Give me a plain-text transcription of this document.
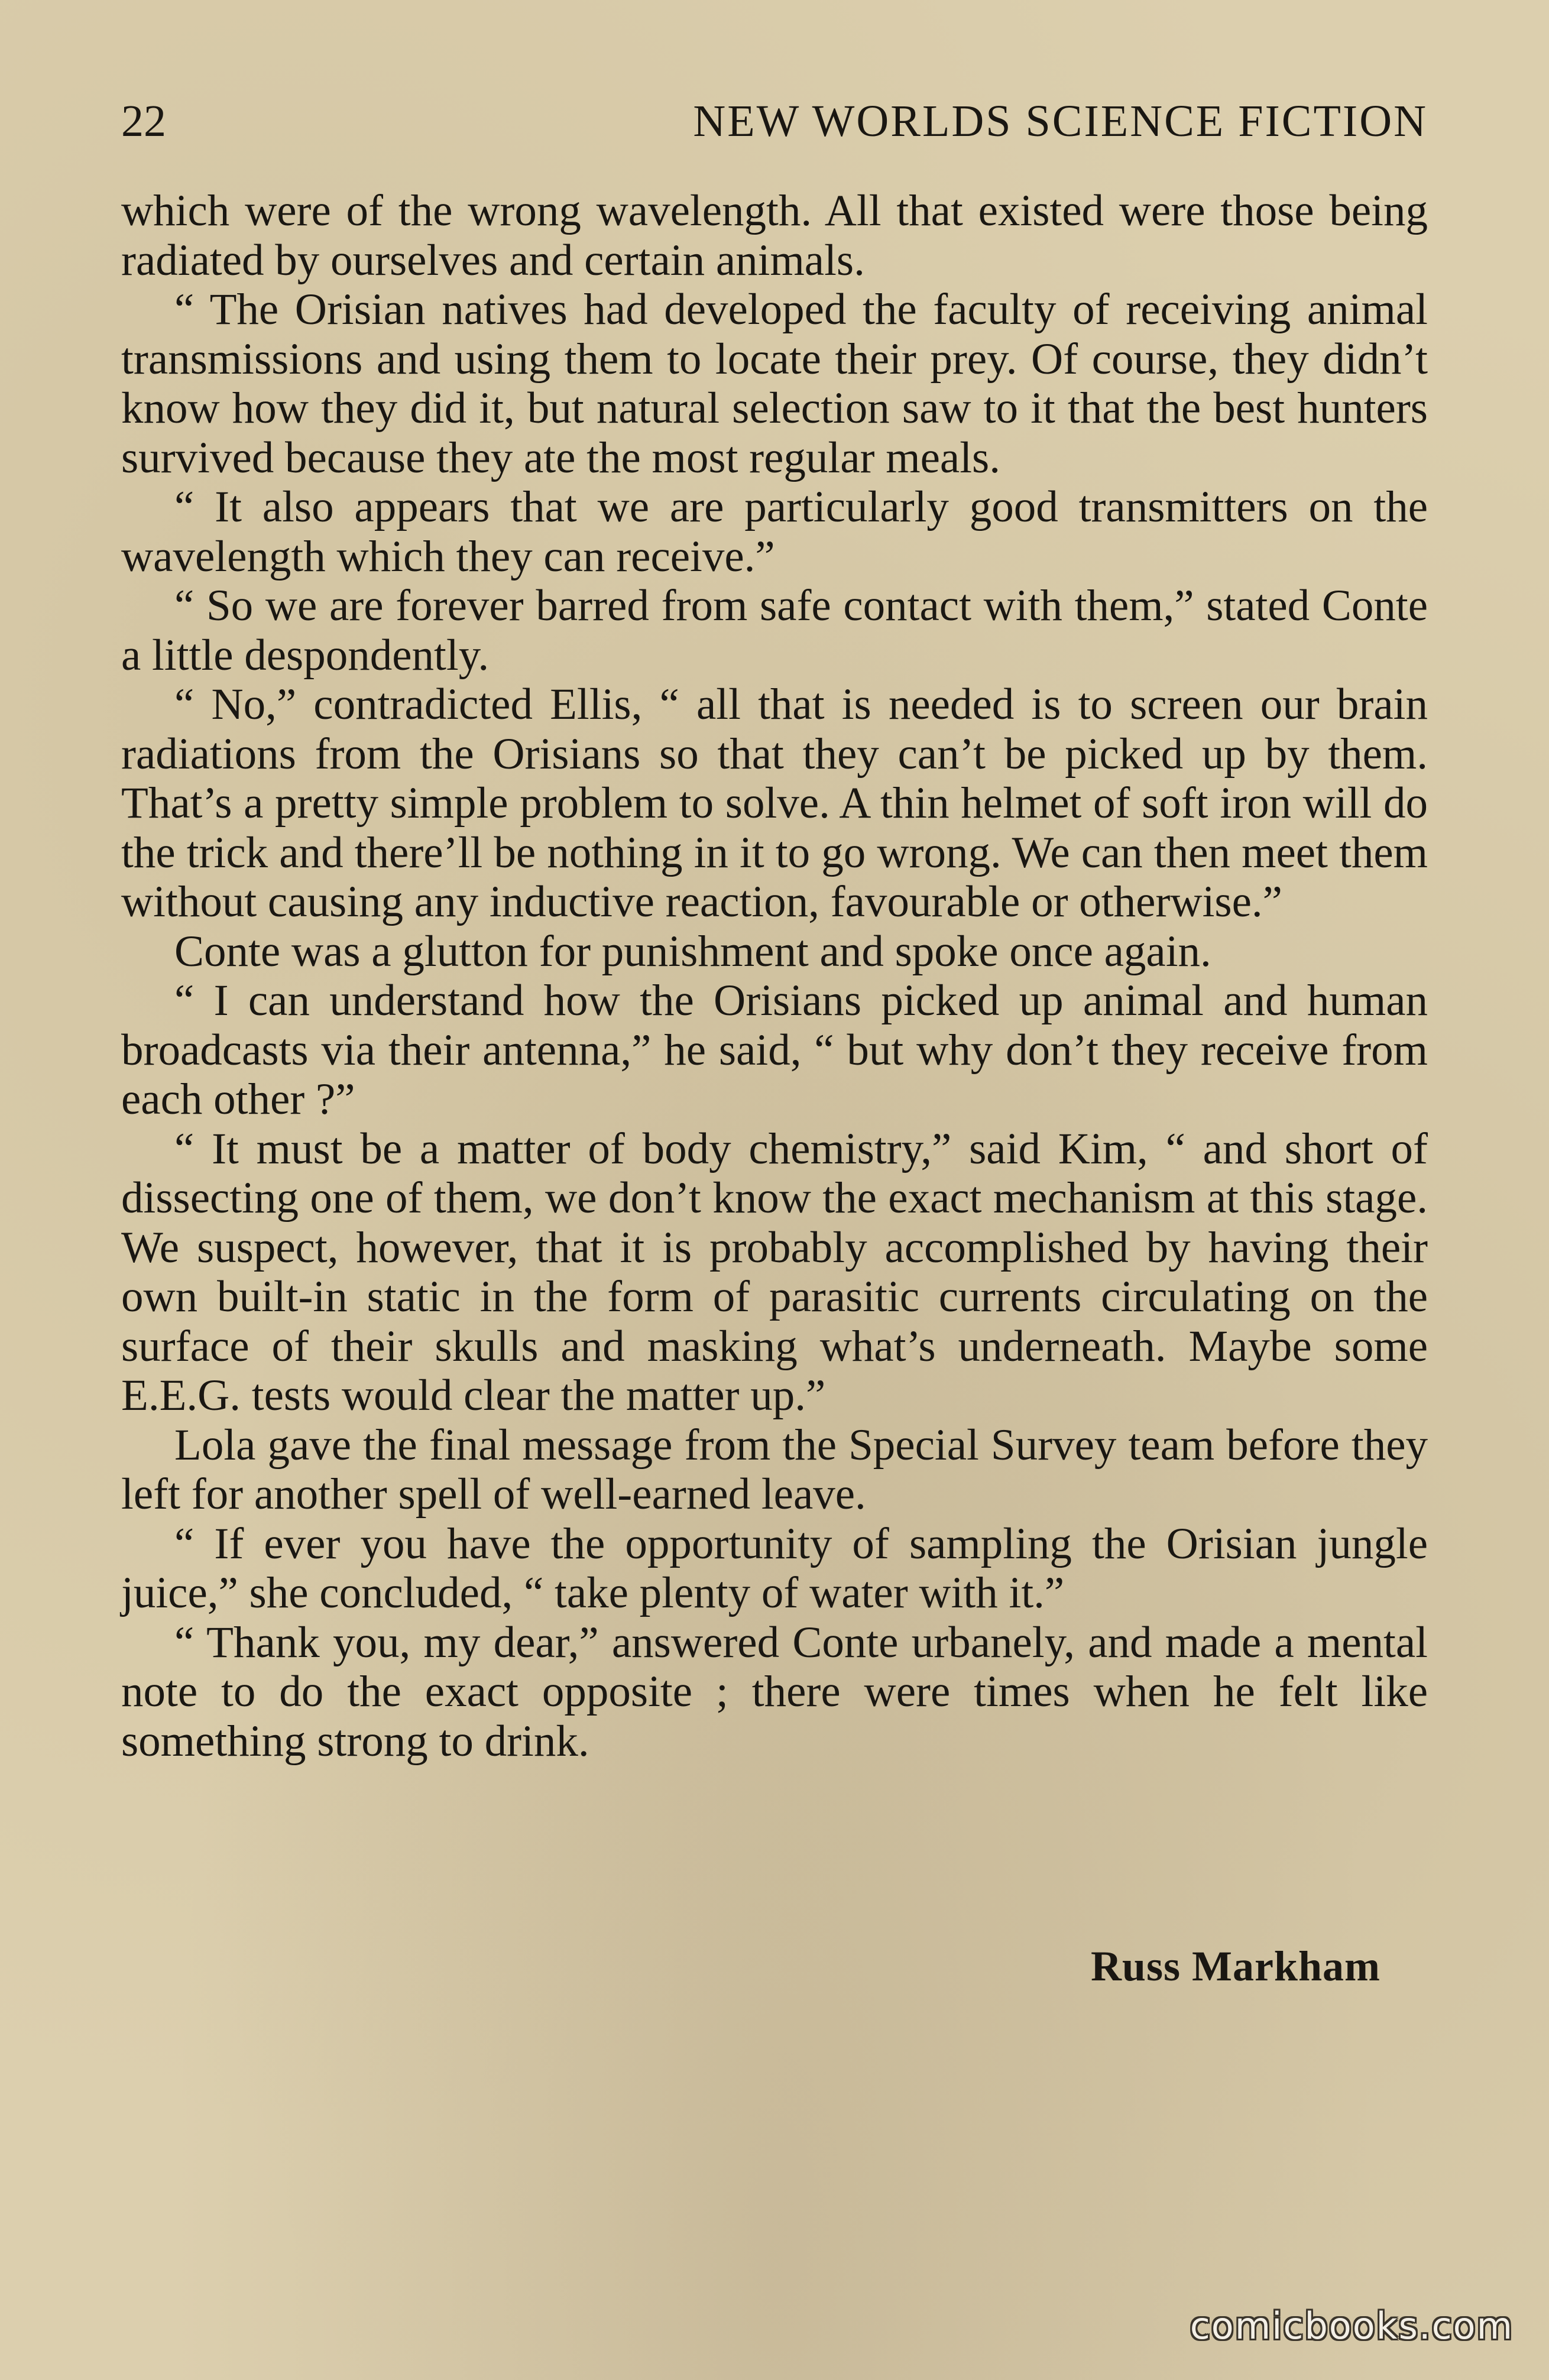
22	NEW WORLDS SCIENCE FICTION

which were of the wrong wavelength. All that existed were those being radiated by ourselves and certain animals.

“ The Orisian natives had developed the faculty of receiving animal transmissions and using them to locate their prey. Of course, they didn’t know how they did it, but natural selection saw to it that the best hunters survived because they ate the most regular meals.

“ It also appears that we are particularly good transmitters on the wavelength which they can receive.”

“ So we are forever barred from safe contact with them,” stated Conte a little despondently.

“ No,” contradicted Ellis, “ all that is needed is to screen our brain radiations from the Orisians so that they can’t be picked up by them. That’s a pretty simple problem to solve. A thin helmet of soft iron will do the trick and there’ll be nothing in it to go wrong. We can then meet them without causing any inductive reaction, favourable or otherwise.”

Conte was a glutton for punishment and spoke once again.

“ I can understand how the Orisians picked up animal and human broadcasts via their antenna,” he said, “ but why don’t they receive from each other ?”

“ It must be a matter of body chemistry,” said Kim, “ and short of dissecting one of them, we don’t know the exact mechanism at this stage. We suspect, however, that it is probably accomplished by having their own built-in static in the form of parasitic currents circulating on the surface of their skulls and masking what’s underneath. Maybe some E.E.G. tests would clear the matter up.”

Lola gave the final message from the Special Survey team before they left for another spell of well-earned leave.

“ If ever you have the opportunity of sampling the Orisian jungle juice,” she concluded, “ take plenty of water with it.”

“ Thank you, my dear,” answered Conte urbanely, and made a mental note to do the exact opposite ; there were times when he felt like something strong to drink.

Russ Markham
comicbooks.com
